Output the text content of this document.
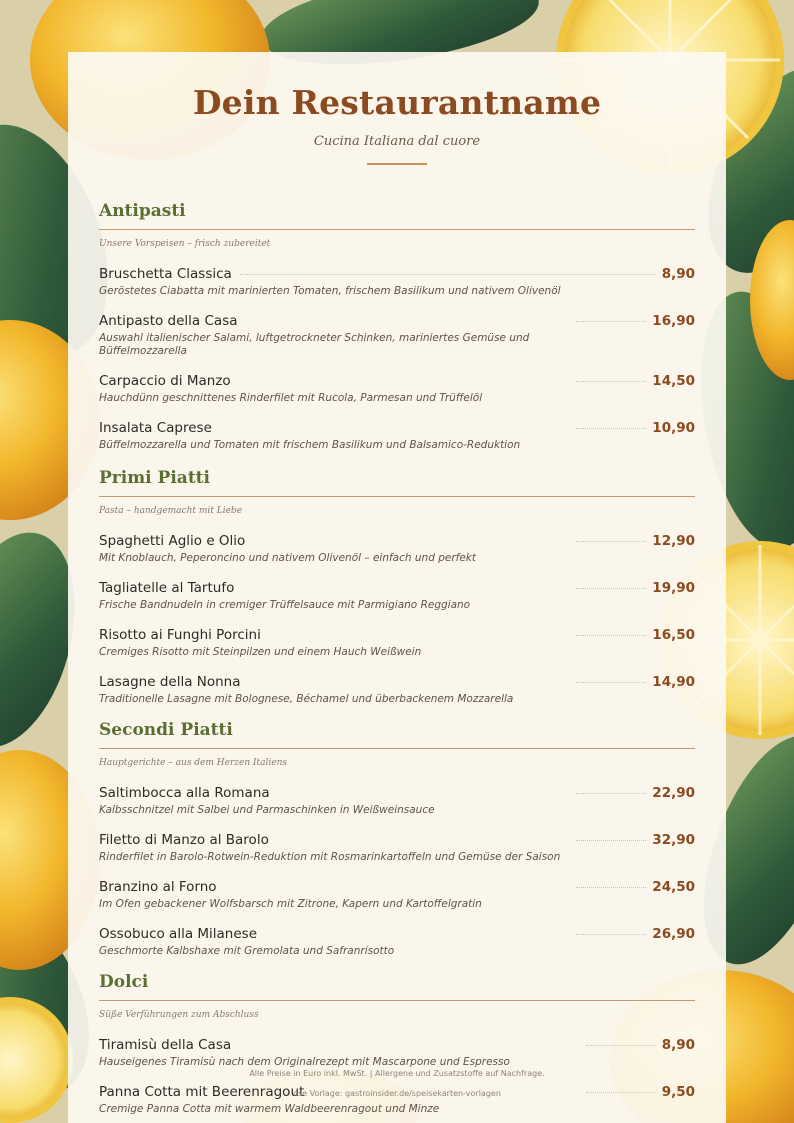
Dein Restaurantname
Cucina Italiana dal cuore
Antipasti
Unsere Vorspeisen – frisch zubereitet
Bruschetta Classica	8,90
Geröstetes Ciabatta mit marinierten Tomaten, frischem Basilikum und nativem Olivenöl
Antipasto della Casa	16,90
Auswahl italienischer Salami, luftgetrockneter Schinken, mariniertes Gemüse und Büffelmozzarella
Carpaccio di Manzo	14,50
Hauchdünn geschnittenes Rinderfilet mit Rucola, Parmesan und Trüffelöl
Insalata Caprese	10,90
Büffelmozzarella und Tomaten mit frischem Basilikum und Balsamico-Reduktion
Primi Piatti
Pasta – handgemacht mit Liebe
Spaghetti Aglio e Olio	12,90
Mit Knoblauch, Peperoncino und nativem Olivenöl – einfach und perfekt
Tagliatelle al Tartufo	19,90
Frische Bandnudeln in cremiger Trüffelsauce mit Parmigiano Reggiano
Risotto ai Funghi Porcini	16,50
Cremiges Risotto mit Steinpilzen und einem Hauch Weißwein
Lasagne della Nonna	14,90
Traditionelle Lasagne mit Bolognese, Béchamel und überbackenem Mozzarella
Secondi Piatti
Hauptgerichte – aus dem Herzen Italiens
Saltimbocca alla Romana	22,90
Kalbsschnitzel mit Salbei und Parmaschinken in Weißweinsauce
Filetto di Manzo al Barolo	32,90
Rinderfilet in Barolo-Rotwein-Reduktion mit Rosmarinkartoffeln und Gemüse der Saison
Branzino al Forno	24,50
Im Ofen gebackener Wolfsbarsch mit Zitrone, Kapern und Kartoffelgratin
Ossobuco alla Milanese	26,90
Geschmorte Kalbshaxe mit Gremolata und Safranrisotto
Dolci
Süße Verführungen zum Abschluss
Tiramisù della Casa	8,90
Hauseigenes Tiramisù nach dem Originalrezept mit Mascarpone und Espresso
Panna Cotta mit Beerenragout	9,50
Cremige Panna Cotta mit warmem Waldbeerenragout und Minze
Alle Preise in Euro inkl. MwSt. | Allergene und Zusatzstoffe auf Nachfrage.
ose Vorlage: gastroinsider.de/speisekarten-vorlagen
